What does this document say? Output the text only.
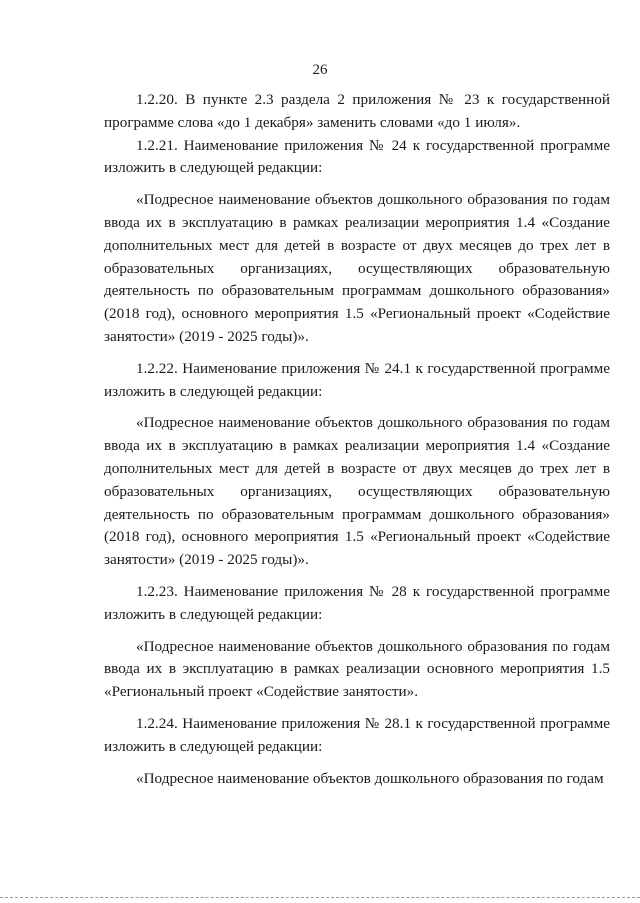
26

1.2.20. В пункте 2.3 раздела 2 приложения № 23 к государственной программе слова «до 1 декабря» заменить словами «до 1 июля».

1.2.21. Наименование приложения № 24 к государственной программе изложить в следующей редакции:

«Подресное наименование объектов дошкольного образования по годам ввода их в эксплуатацию в рамках реализации мероприятия 1.4 «Создание дополнительных мест для детей в возрасте от двух месяцев до трех лет в образовательных организациях, осуществляющих образовательную деятельность по образовательным программам дошкольного образования» (2018 год), основного мероприятия 1.5 «Региональный проект «Содействие занятости» (2019 - 2025 годы)».

1.2.22. Наименование приложения № 24.1 к государственной программе изложить в следующей редакции:

«Подресное наименование объектов дошкольного образования по годам ввода их в эксплуатацию в рамках реализации мероприятия 1.4 «Создание дополнительных мест для детей в возрасте от двух месяцев до трех лет в образовательных организациях, осуществляющих образовательную деятельность по образовательным программам дошкольного образования» (2018 год), основного мероприятия 1.5 «Региональный проект «Содействие занятости» (2019 - 2025 годы)».

1.2.23. Наименование приложения № 28 к государственной программе изложить в следующей редакции:

«Подресное наименование объектов дошкольного образования по годам ввода их в эксплуатацию в рамках реализации основного мероприятия 1.5 «Региональный проект «Содействие занятости».

1.2.24. Наименование приложения № 28.1 к государственной программе изложить в следующей редакции:

«Подресное наименование объектов дошкольного образования по годам
